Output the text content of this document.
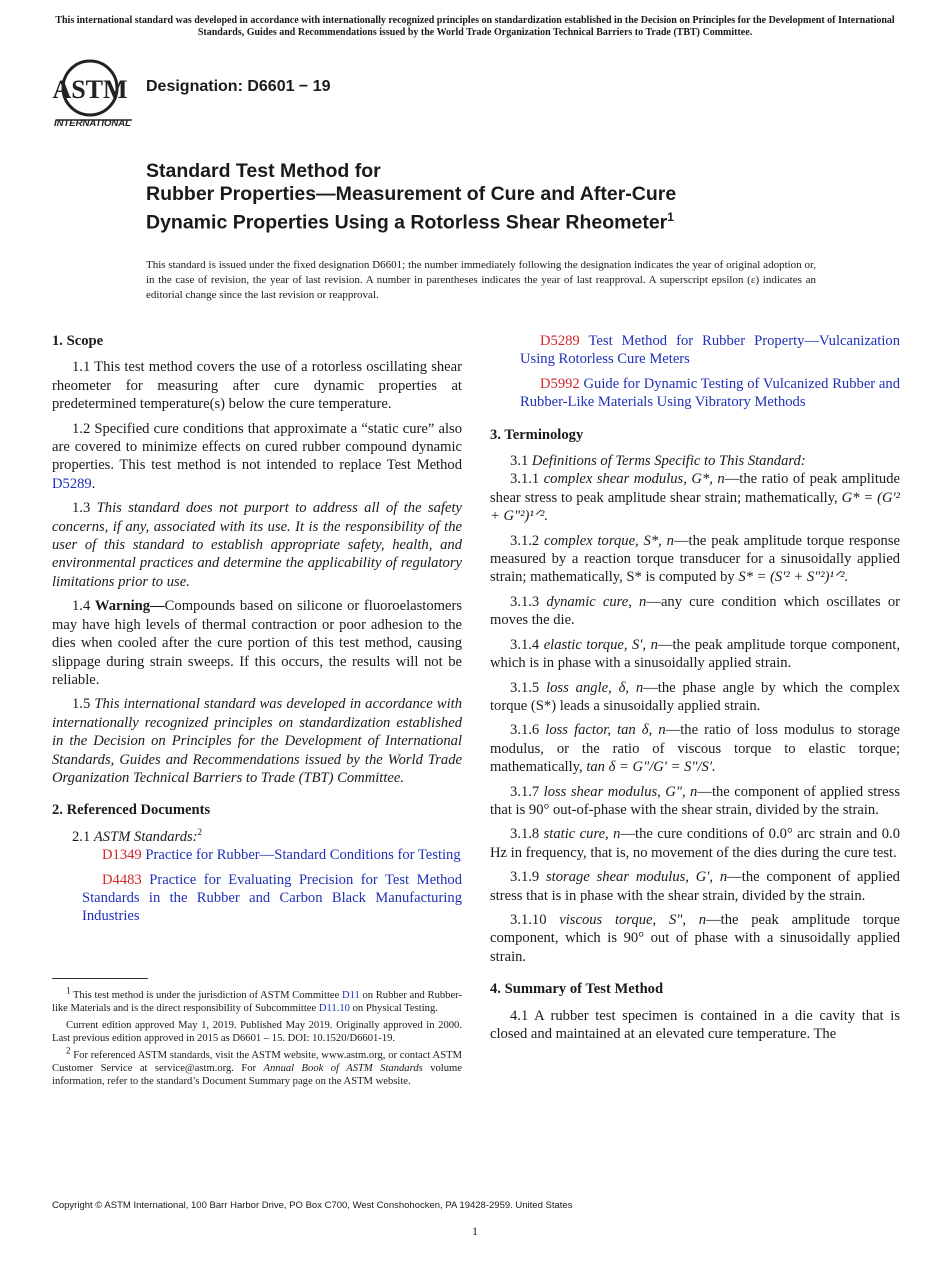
This international standard was developed in accordance with internationally recognized principles on standardization established in the Decision on Principles for the Development of International Standards, Guides and Recommendations issued by the World Trade Organization Technical Barriers to Trade (TBT) Committee.
ASTM
INTERNATIONAL
Designation: D6601 − 19
Standard Test Method for
Rubber Properties—Measurement of Cure and After-Cure
Dynamic Properties Using a Rotorless Shear Rheometer$^1$
This standard is issued under the fixed designation D6601; the number immediately following the designation indicates the year of original adoption or, in the case of revision, the year of last revision. A number in parentheses indicates the year of last reapproval. A superscript epsilon (ε) indicates an editorial change since the last revision or reapproval.
1. Scope

1.1 This test method covers the use of a rotorless oscillating shear rheometer for measuring after cure dynamic properties at predetermined temperature(s) below the cure temperature.

1.2 Specified cure conditions that approximate a “static cure” also are covered to minimize effects on cured rubber compound dynamic properties. This test method is not intended to replace Test Method D5289.

1.3 This standard does not purport to address all of the safety concerns, if any, associated with its use. It is the responsibility of the user of this standard to establish appropriate safety, health, and environmental practices and determine the applicability of regulatory limitations prior to use.

1.4 Warning—Compounds based on silicone or fluoroelastomers may have high levels of thermal contraction or poor adhesion to the dies when cooled after the cure portion of this test method, causing slippage during strain sweeps. If this occurs, the results will not be reliable.

1.5 This international standard was developed in accordance with internationally recognized principles on standardization established in the Decision on Principles for the Development of International Standards, Guides and Recommendations issued by the World Trade Organization Technical Barriers to Trade (TBT) Committee.

2. Referenced Documents

2.1 ASTM Standards:$^2$

D1349 Practice for Rubber—Standard Conditions for Testing

D4483 Practice for Evaluating Precision for Test Method Standards in the Rubber and Carbon Black Manufacturing Industries

$^1$ This test method is under the jurisdiction of ASTM Committee D11 on Rubber and Rubber-like Materials and is the direct responsibility of Subcommittee D11.10 on Physical Testing.

Current edition approved May 1, 2019. Published May 2019. Originally approved in 2000. Last previous edition approved in 2015 as D6601 – 15. DOI: 10.1520/D6601-19.

$^2$ For referenced ASTM standards, visit the ASTM website, www.astm.org, or contact ASTM Customer Service at service@astm.org. For Annual Book of ASTM Standards volume information, refer to the standard’s Document Summary page on the ASTM website.

D5289 Test Method for Rubber Property—Vulcanization Using Rotorless Cure Meters

D5992 Guide for Dynamic Testing of Vulcanized Rubber and Rubber-Like Materials Using Vibratory Methods

3. Terminology

3.1 Definitions of Terms Specific to This Standard:

3.1.1 complex shear modulus, G*, n—the ratio of peak amplitude shear stress to peak amplitude shear strain; mathematically, G* = (G'² + G"²)¹ᐟ².

3.1.2 complex torque, S*, n—the peak amplitude torque response measured by a reaction torque transducer for a sinusoidally applied strain; mathematically, S* is computed by S* = (S'² + S"²)¹ᐟ².

3.1.3 dynamic cure, n—any cure condition which oscillates or moves the die.

3.1.4 elastic torque, S', n—the peak amplitude torque component, which is in phase with a sinusoidally applied strain.

3.1.5 loss angle, δ, n—the phase angle by which the complex torque (S*) leads a sinusoidally applied strain.

3.1.6 loss factor, tan δ, n—the ratio of loss modulus to storage modulus, or the ratio of viscous torque to elastic torque; mathematically, tan δ = G"/G' = S"/S'.

3.1.7 loss shear modulus, G", n—the component of applied stress that is 90° out-of-phase with the shear strain, divided by the strain.

3.1.8 static cure, n—the cure conditions of 0.0° arc strain and 0.0 Hz in frequency, that is, no movement of the dies during the cure test.

3.1.9 storage shear modulus, G', n—the component of applied stress that is in phase with the shear strain, divided by the strain.

3.1.10 viscous torque, S", n—the peak amplitude torque component, which is 90° out of phase with a sinusoidally applied strain.

4. Summary of Test Method

4.1 A rubber test specimen is contained in a die cavity that is closed and maintained at an elevated cure temperature. The

Copyright © ASTM International, 100 Barr Harbor Drive, PO Box C700, West Conshohocken, PA 19428-2959. United States
1
